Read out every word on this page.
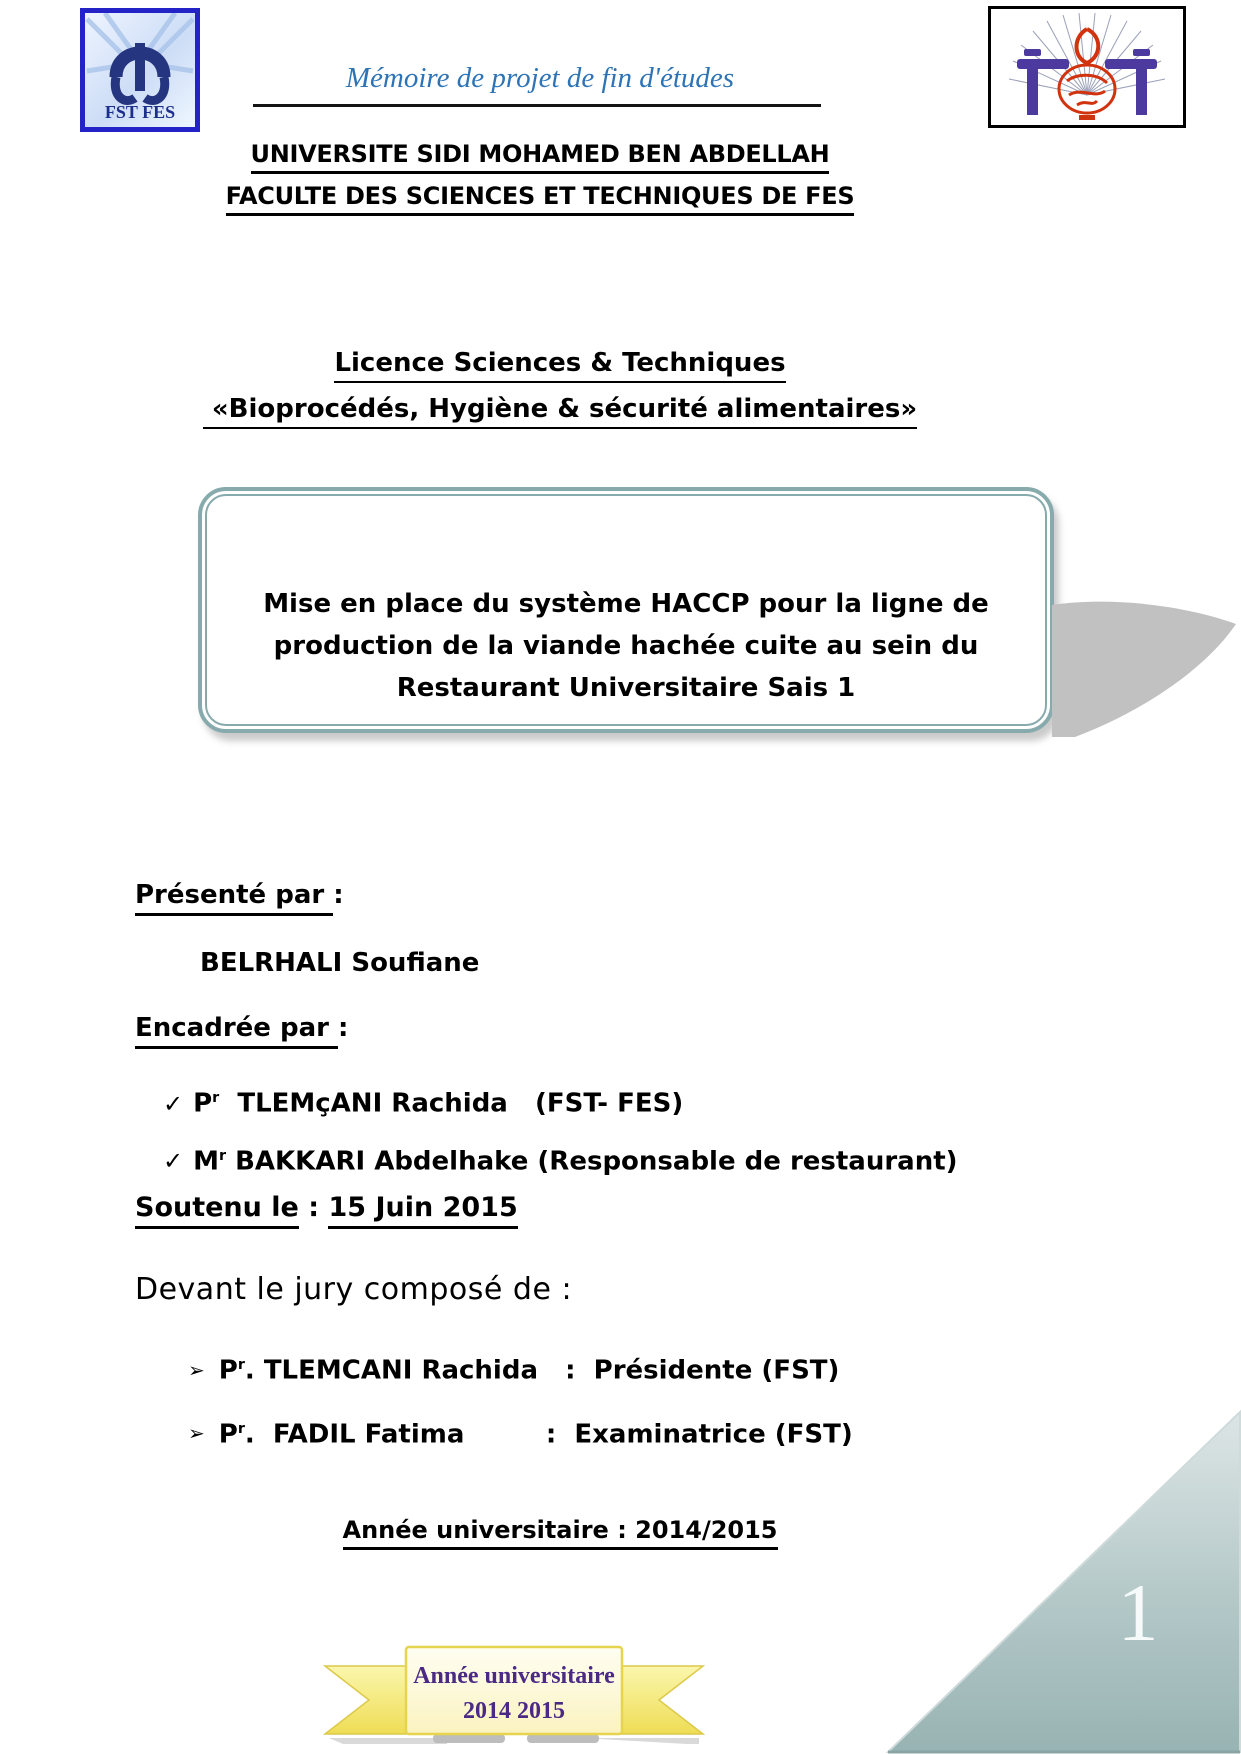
FST FES
Mémoire de projet de fin d'études
UNIVERSITE SIDI MOHAMED BEN ABDELLAH
FACULTE DES SCIENCES ET TECHNIQUES DE FES
Licence Sciences & Techniques
«Bioprocédés, Hygiène & sécurité alimentaires»
Mise en place du système HACCP pour la ligne de
production de la viande hachée cuite au sein du
Restaurant Universitaire Sais 1
Présenté par :
BELRHALI Soufiane
Encadrée par :
✓ $P^r$  TLEMçANI Rachida   (FST- FES)
✓ $M^r$ BAKKARI Abdelhake (Responsable de restaurant)
Soutenu le : 15 Juin 2015
Devant le jury composé de :
➢ $P^r$. TLEMCANI Rachida   :  Présidente (FST)
➢ $P^r$.  FADIL Fatima         :  Examinatrice (FST)
Année universitaire : 2014/2015
1
Année universitaire
2014 2015
